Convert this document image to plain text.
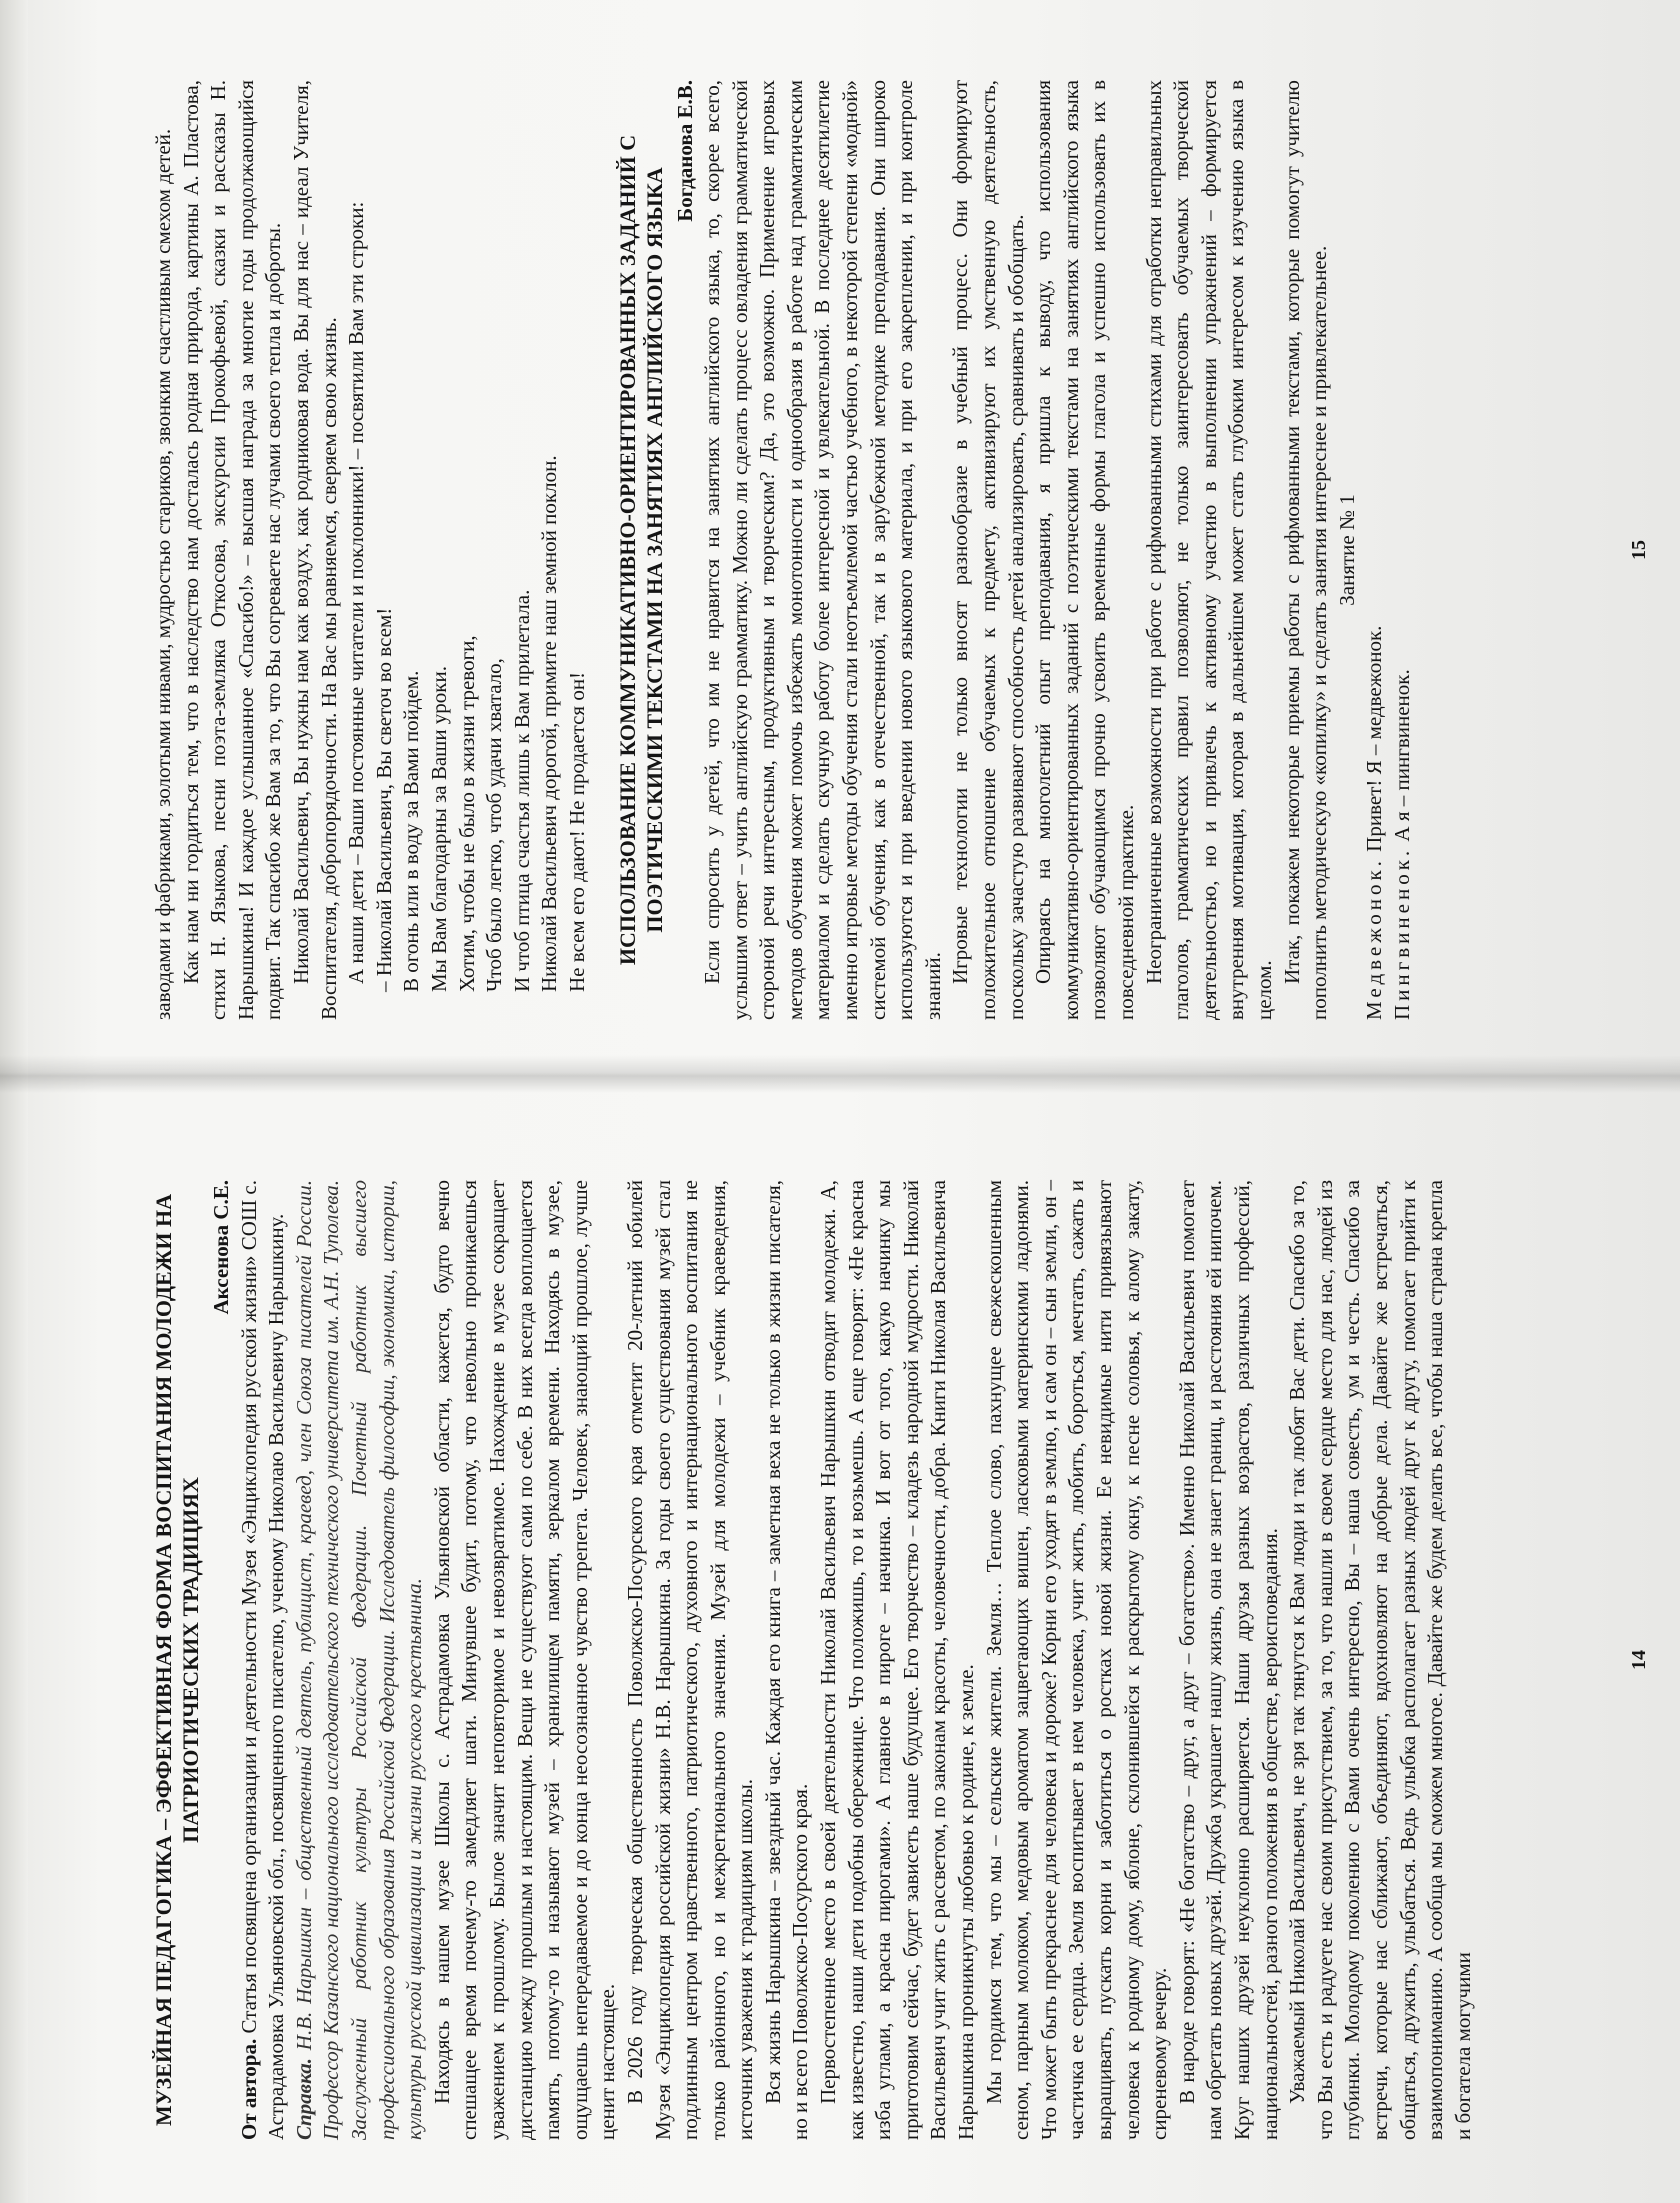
МУЗЕЙНАЯ ПЕДАГОГИКА – ЭФФЕКТИВНАЯ ФОРМА ВОСПИТАНИЯ МОЛОДЕЖИ НА ПАТРИОТИЧЕСКИХ ТРАДИЦИЯХ

Аксенова С.Е.

От автора. Статья посвящена организации и деятельности Музея «Энциклопедия русской жизни» СОШ с. Астрадамовка Ульяновской обл., посвященного писателю, ученому Николаю Васильевичу Нарышкину. Справка. Н.В. Нарышкин – общественный деятель, публицист, краевед, член Союза писателей России. Профессор Казанского национального исследовательского технического университета им. А.Н. Туполева. Заслуженный работник культуры Российской Федерации. Почетный работник высшего профессионального образования Российской Федерации. Исследователь философии, экономики, истории, культуры русской цивилизации и жизни русского крестьянина. Находясь в нашем музее Школы с. Астрадамовка Ульяновской области, кажется, будто вечно спешащее время почему-то замедляет шаги. Минувшее будит, потому, что невольно проникаешься уважением к прошлому. Былое значит неповторимое и невозвратимое. Нахождение в музее сокращает дистанцию между прошлым и настоящим. Вещи не существуют сами по себе. В них всегда воплощается память, потому-то и называют музей – хранилищем памяти, зеркалом времени. Находясь в музее, ощущаешь непередаваемое и до конца неосознанное чувство трепета. Человек, знающий прошлое, лучше ценит настоящее. В 2026 году творческая общественность Поволжско-Посурского края отметит 20-летний юбилей Музея «Энциклопедия российской жизни» Н.В. Нарышкина. За годы своего существования музей стал подлинным центром нравственного, патриотического, духовного и интернационального воспитания не только районного, но и межрегионального значения. Музей для молодежи – учебник краеведения, источник уважения к традициям школы. Вся жизнь Нарышкина – звездный час. Каждая его книга – заметная веха не только в жизни писателя, но и всего Поволжско-Посурского края. Первостепенное место в своей деятельности Николай Васильевич Нарышкин отводит молодежи. А, как известно, наши дети подобны обережнице. Что положишь, то и возьмешь. А еще говорят: «Не красна изба углами, а красна пирогами». А главное в пироге – начинка. И вот от того, какую начинку мы приготовим сейчас, будет зависеть наше будущее. Его творчество – кладезь народной мудрости. Николай Васильевич учит жить с рассветом, по законам красоты, человечности, добра. Книги Николая Васильевича Нарышкина проникнуты любовью к родине, к земле. Мы гордимся тем, что мы – сельские жители. Земля… Теплое слово, пахнущее свежескошенным сеном, парным молоком, медовым ароматом зацветающих вишен, ласковыми материнскими ладонями. Что может быть прекраснее для человека и дороже? Корни его уходят в землю, и сам он – сын земли, он – частичка ее сердца. Земля воспитывает в нем человека, учит жить, любить, бороться, мечтать, сажать и выращивать, пускать корни и заботиться о ростках новой жизни. Ее невидимые нити привязывают человека к родному дому, яблоне, склонившейся к раскрытому окну, к песне соловья, к алому закату, сиреневому вечеру. В народе говорят: «Не богатство – друг, а друг – богатство». Именно Николай Васильевич помогает нам обретать новых друзей. Дружба украшает нашу жизнь, она не знает границ, и расстояния ей нипочем. Круг наших друзей неуклонно расширяется. Наши друзья разных возрастов, различных профессий, национальностей, разного положения в обществе, вероисповедания. Уважаемый Николай Васильевич, не зря так тянутся к Вам люди и так любят Вас дети. Спасибо за то, что Вы есть и радуете нас своим присутствием, за то, что нашли в своем сердце место для нас, людей из глубинки. Молодому поколению с Вами очень интересно, Вы – наша совесть, ум и честь. Спасибо за встречи, которые нас сближают, объединяют, вдохновляют на добрые дела. Давайте же встречаться, общаться, дружить, улыбаться. Ведь улыбка располагает разных людей друг к другу, помогает прийти к взаимопониманию. А сообща мы сможем многое. Давайте же будем делать все, чтобы наша страна крепла и богатела могучими

14

заводами и фабриками, золотыми нивами, мудростью стариков, звонким счастливым смехом детей. Как нам ни гордиться тем, что в наследство нам досталась родная природа, картины А. Пластова, стихи Н. Языкова, песни поэта-земляка Откосова, экскурсии Прокофьевой, сказки и рассказы Н. Нарышкина! И каждое услышанное «Спасибо!» – высшая награда за многие годы продолжающийся подвиг. Так спасибо же Вам за то, что Вы согреваете нас лучами своего тепла и доброты. Николай Васильевич, Вы нужны нам как воздух, как родниковая вода. Вы для нас – идеал Учителя, Воспитателя, добропорядочности. На Вас мы равняемся, сверяем свою жизнь. А наши дети – Ваши постоянные читатели и поклонники! – посвятили Вам эти строки: – Николай Васильевич, Вы светоч во всем! В огонь или в воду за Вами пойдем. Мы Вам благодарны за Ваши уроки. Хотим, чтобы не было в жизни тревоги, Чтоб было легко, чтоб удачи хватало, И чтоб птица счастья лишь к Вам прилетала. Николай Васильевич дорогой, примите наш земной поклон. Не всем его дают! Не продается он! ИСПОЛЬЗОВАНИЕ КОММУНИКАТИВНО-ОРИЕНТИРОВАННЫХ ЗАДАНИЙ С ПОЭТИЧЕСКИМИ ТЕКСТАМИ НА ЗАНЯТИЯХ АНГЛИЙСКОГО ЯЗЫКА

Богданова Е.В. Если спросить у детей, что им не нравится на занятиях английского языка, то, скорее всего, услышим ответ – учить английскую грамматику. Можно ли сделать процесс овладения грамматической стороной речи интересным, продуктивным и творческим? Да, это возможно. Применение игровых методов обучения может помочь избежать монотонности и однообразия в работе над грамматическим материалом и сделать скучную работу более интересной и увлекательной. В последнее десятилетие именно игровые методы обучения стали неотъемлемой частью учебного, в некоторой степени «модной» системой обучения, как в отечественной, так и в зарубежной методике преподавания. Они широко используются и при введении нового языкового материала, и при его закреплении, и при контроле знаний.

Игровые технологии не только вносят разнообразие в учебный процесс. Они формируют положительное отношение обучаемых к предмету, активизируют их умственную деятельность, поскольку зачастую развивают способность детей анализировать, сравнивать и обобщать. Опираясь на многолетний опыт преподавания, я пришла к выводу, что использования коммуникативно-ориентированных заданий с поэтическими текстами на занятиях английского языка позволяют обучающимся прочно усвоить временные формы глагола и успешно использовать их в повседневной практике. Неограниченные возможности при работе с рифмованными стихами для отработки неправильных глаголов, грамматических правил позволяют, не только заинтересовать обучаемых творческой деятельностью, но и привлечь к активному участию в выполнении упражнений – формируется внутренняя мотивация, которая в дальнейшем может стать глубоким интересом к изучению языка в целом.

Итак, покажем некоторые приемы работы с рифмованными текстами, которые помогут учителю пополнить методическую «копилку» и сделать занятия интереснее и привлекательнее. Занятие № 1

Медвежонок. Привет! Я – медвежонок.

Пингвиненок. А я – пингвиненок.

15
